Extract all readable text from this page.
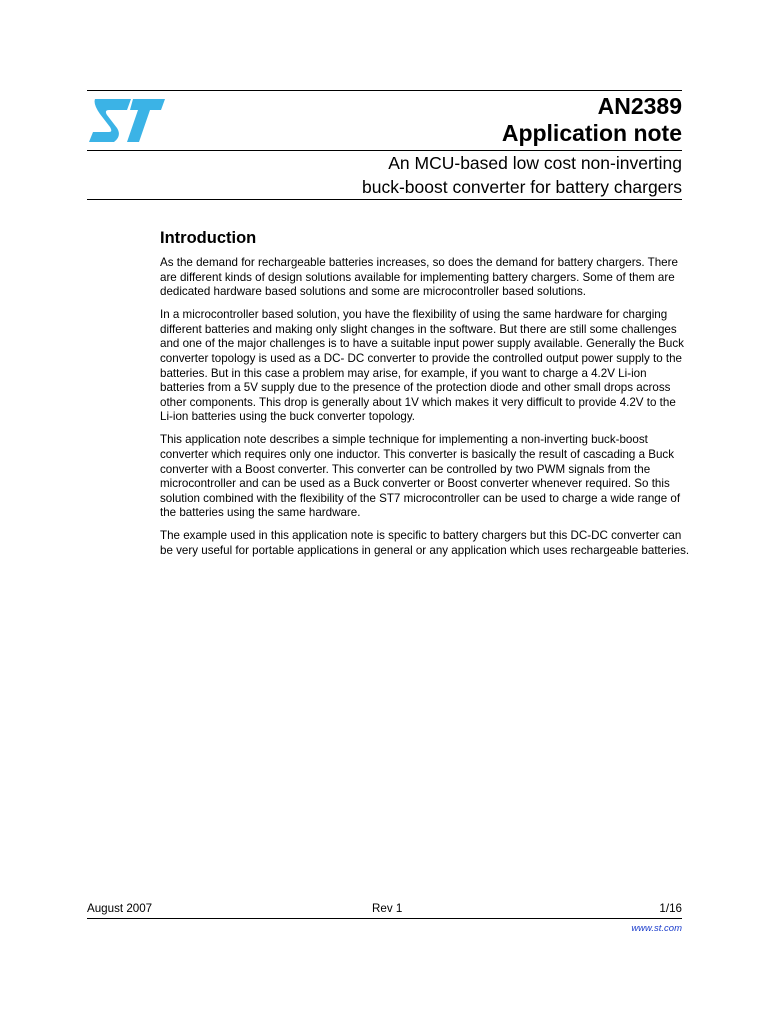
AN2389
Application note
An MCU-based low cost non-inverting
buck-boost converter for battery chargers
Introduction

As the demand for rechargeable batteries increases, so does the demand for battery chargers. There are different kinds of design solutions available for implementing battery chargers. Some of them are dedicated hardware based solutions and some are microcontroller based solutions.

In a microcontroller based solution, you have the flexibility of using the same hardware for charging different batteries and making only slight changes in the software. But there are still some challenges and one of the major challenges is to have a suitable input power supply available. Generally the Buck converter topology is used as a DC- DC converter to provide the controlled output power supply to the batteries. But in this case a problem may arise, for example, if you want to charge a 4.2V Li-ion batteries from a 5V supply due to the presence of the protection diode and other small drops across other components. This drop is generally about 1V which makes it very difficult to provide 4.2V to the Li-ion batteries using the buck converter topology.

This application note describes a simple technique for implementing a non-inverting buck-boost converter which requires only one inductor. This converter is basically the result of cascading a Buck converter with a Boost converter. This converter can be controlled by two PWM signals from the microcontroller and can be used as a Buck converter or Boost converter whenever required. So this solution combined with the flexibility of the ST7 microcontroller can be used to charge a wide range of the batteries using the same hardware.

The example used in this application note is specific to battery chargers but this DC-DC converter can be very useful for portable applications in general or any application which uses rechargeable batteries.

August 2007	Rev 1	1/16
www.st.com
